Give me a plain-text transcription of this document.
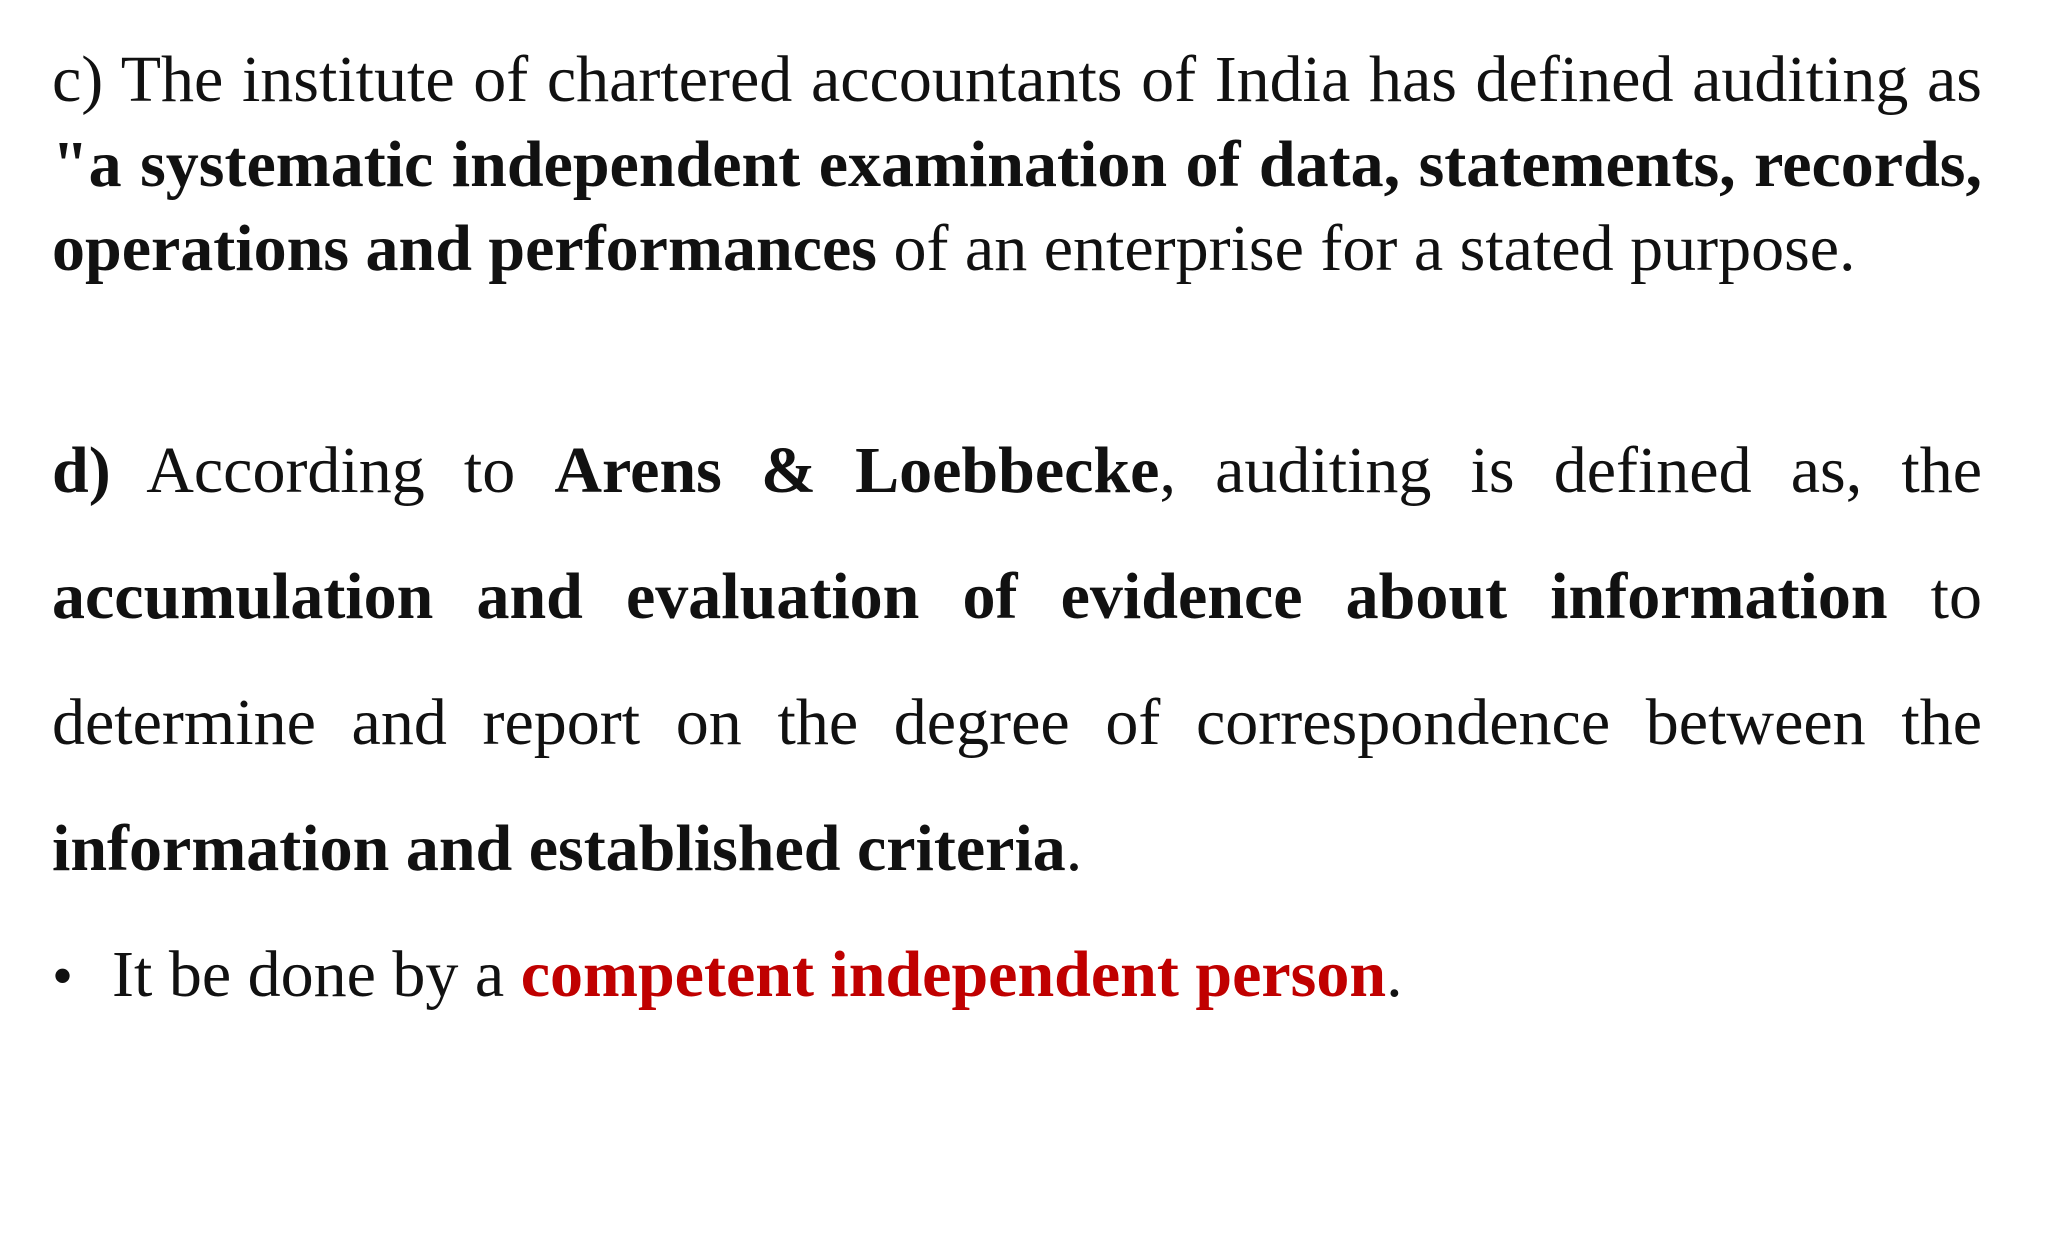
c) The institute of chartered accountants of India has defined auditing as "a systematic independent examination of data, statements, records, operations and performances of an enterprise for a stated purpose.

d) According to Arens & Loebbecke, auditing is defined as, the accumulation and evaluation of evidence about information to determine and report on the degree of correspondence between the information and established criteria.

• It be done by a competent independent person.
